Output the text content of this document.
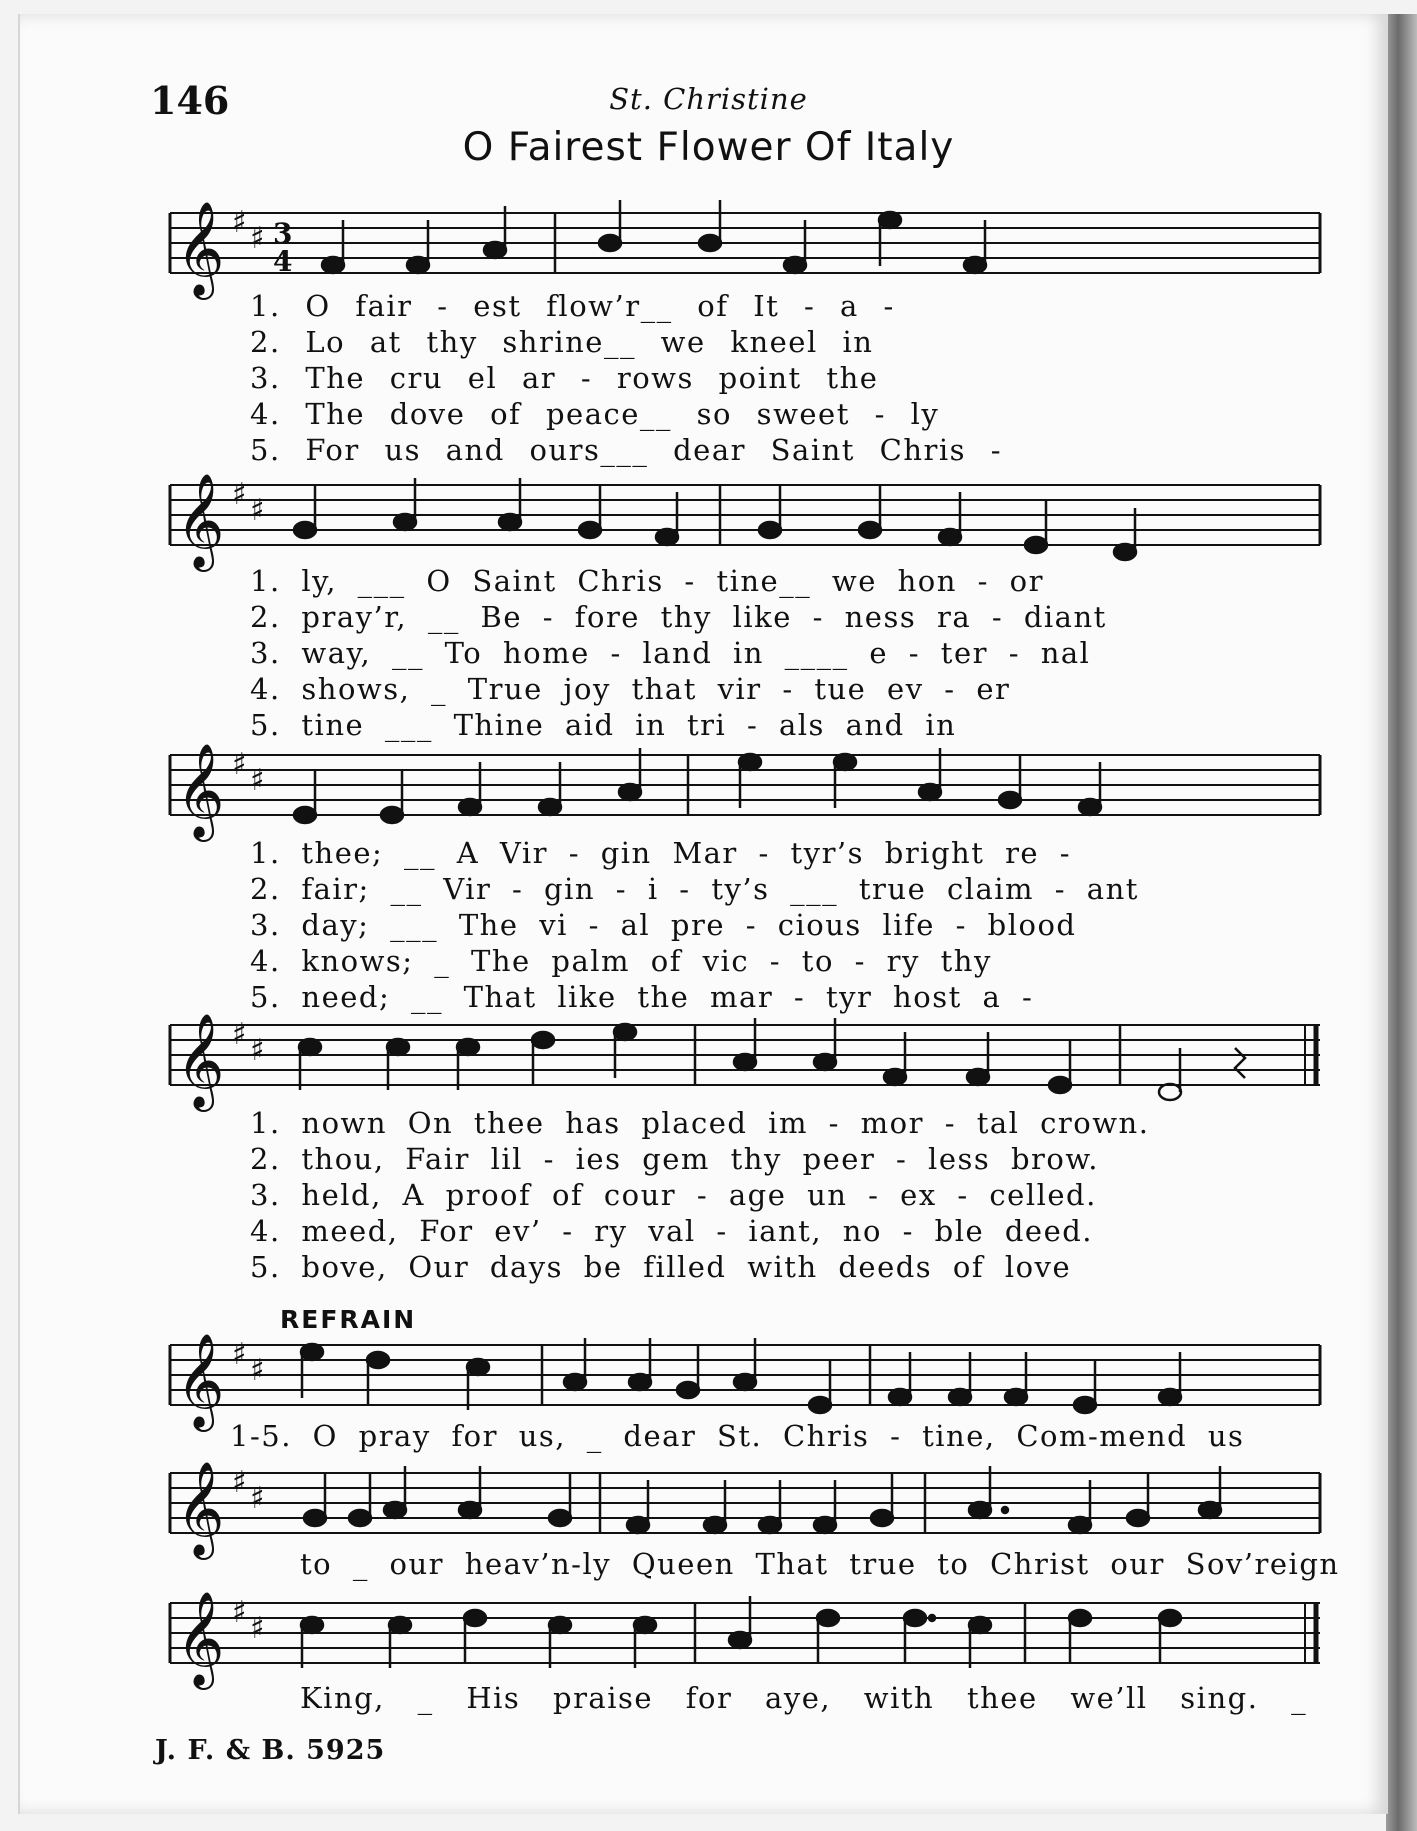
146	St. Christine
O Fairest Flower Of Italy
𝄞 ♯ ♯ 3
4
1. O fair - est flow’r__ of It - a -
2. Lo at thy shrine__ we kneel in
3. The cru el ar - rows point the
4. The dove of peace__ so sweet - ly
5. For us and ours___ dear Saint Chris -
𝄞 ♯ ♯
1. ly, ___ O Saint Chris - tine__ we hon - or
2. pray’r, __ Be - fore thy like - ness ra - diant
3. way, __ To home - land in ____ e - ter - nal
4. shows, _ True joy that vir - tue ev - er
5. tine ___ Thine aid in tri - als and in
𝄞 ♯ ♯
1. thee; __ A Vir - gin Mar - tyr’s bright re -
2. fair; __ Vir - gin - i - ty’s ___ true claim - ant
3. day; ___ The vi - al pre - cious life - blood
4. knows; _ The palm of vic - to - ry thy
5. need; __ That like the mar - tyr host a -
𝄞 ♯ ♯
1. nown On thee has placed im - mor - tal crown.
2. thou, Fair lil - ies gem thy peer - less brow.
3. held, A proof of cour - age un - ex - celled.
4. meed, For ev’ - ry val - iant, no - ble deed.
5. bove, Our days be filled with deeds of love
REFRAIN
𝄞 ♯ ♯
1-5. O pray for us, _ dear St. Chris - tine, Com-mend us
𝄞 ♯ ♯
to _ our heav’n-ly Queen That true to Christ our Sov’reign
𝄞 ♯ ♯
King, _ His praise for aye, with thee we’ll sing. _
J. F. & B. 5925
